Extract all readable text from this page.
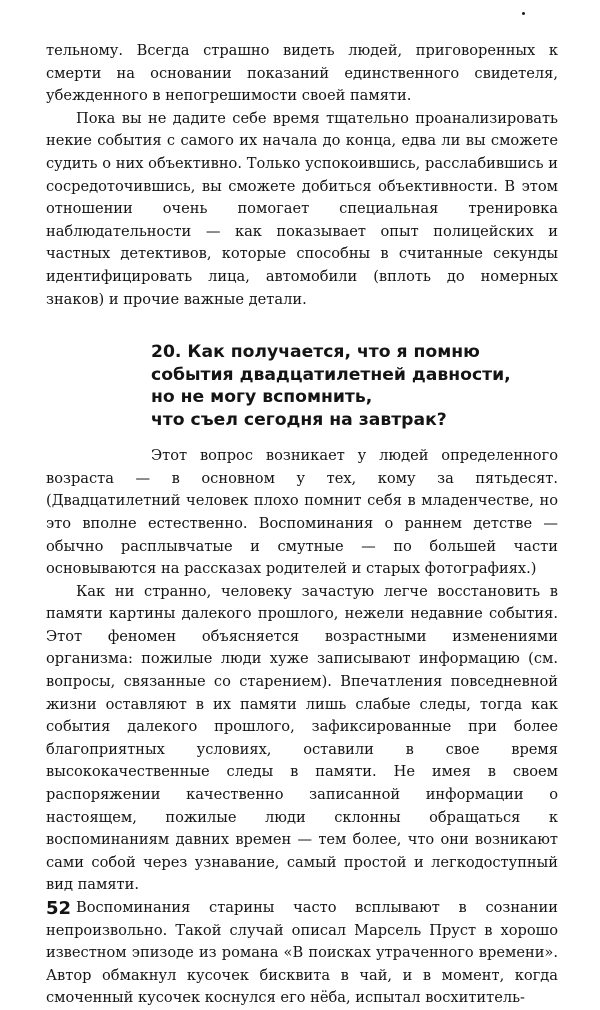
тельному. Всегда страшно видеть людей, приговоренных к смерти на основании показаний единственного свидетеля, убежденного в непогрешимости своей памяти.

Пока вы не дадите себе время тщательно проанализировать некие события с самого их начала до конца, едва ли вы сможете судить о них объективно. Только успокоившись, расслабившись и сосредоточившись, вы сможете добиться объективности. В этом отношении очень помогает специальная тренировка наблюдательности — как показывает опыт полицейских и частных детективов, которые способны в считанные секунды идентифицировать лица, автомобили (вплоть до номерных знаков) и прочие важные детали.

20. Как получается, что я помню
события двадцатилетней давности,
но не могу вспомнить,
что съел сегодня на завтрак?

Этот вопрос возникает у людей определенного возраста — в основном у тех, кому за пятьдесят. (Двадцатилетний человек плохо помнит себя в младенчестве, но это вполне естественно. Воспоминания о раннем детстве — обычно расплывчатые и смутные — по большей части основываются на рассказах родителей и старых фотографиях.)

Как ни странно, человеку зачастую легче восстановить в памяти картины далекого прошлого, нежели недавние события. Этот феномен объясняется возрастными изменениями организма: пожилые люди хуже записывают информацию (см. вопросы, связанные со старением). Впечатления повседневной жизни оставляют в их памяти лишь слабые следы, тогда как события далекого прошлого, зафиксированные при более благоприятных условиях, оставили в свое время высококачественные следы в памяти. Не имея в своем распоряжении качественно записанной информации о настоящем, пожилые люди склонны обращаться к воспоминаниям давних времен — тем более, что они возникают сами собой через узнавание, самый простой и легкодоступный вид памяти.

Воспоминания старины часто всплывают в сознании непроизвольно. Такой случай описал Марсель Пруст в хорошо известном эпизоде из романа «В поисках утраченного времени». Автор обмакнул кусочек бисквита в чай, и в момент, когда смоченный кусочек коснулся его нёба, испытал восхититель-

52
